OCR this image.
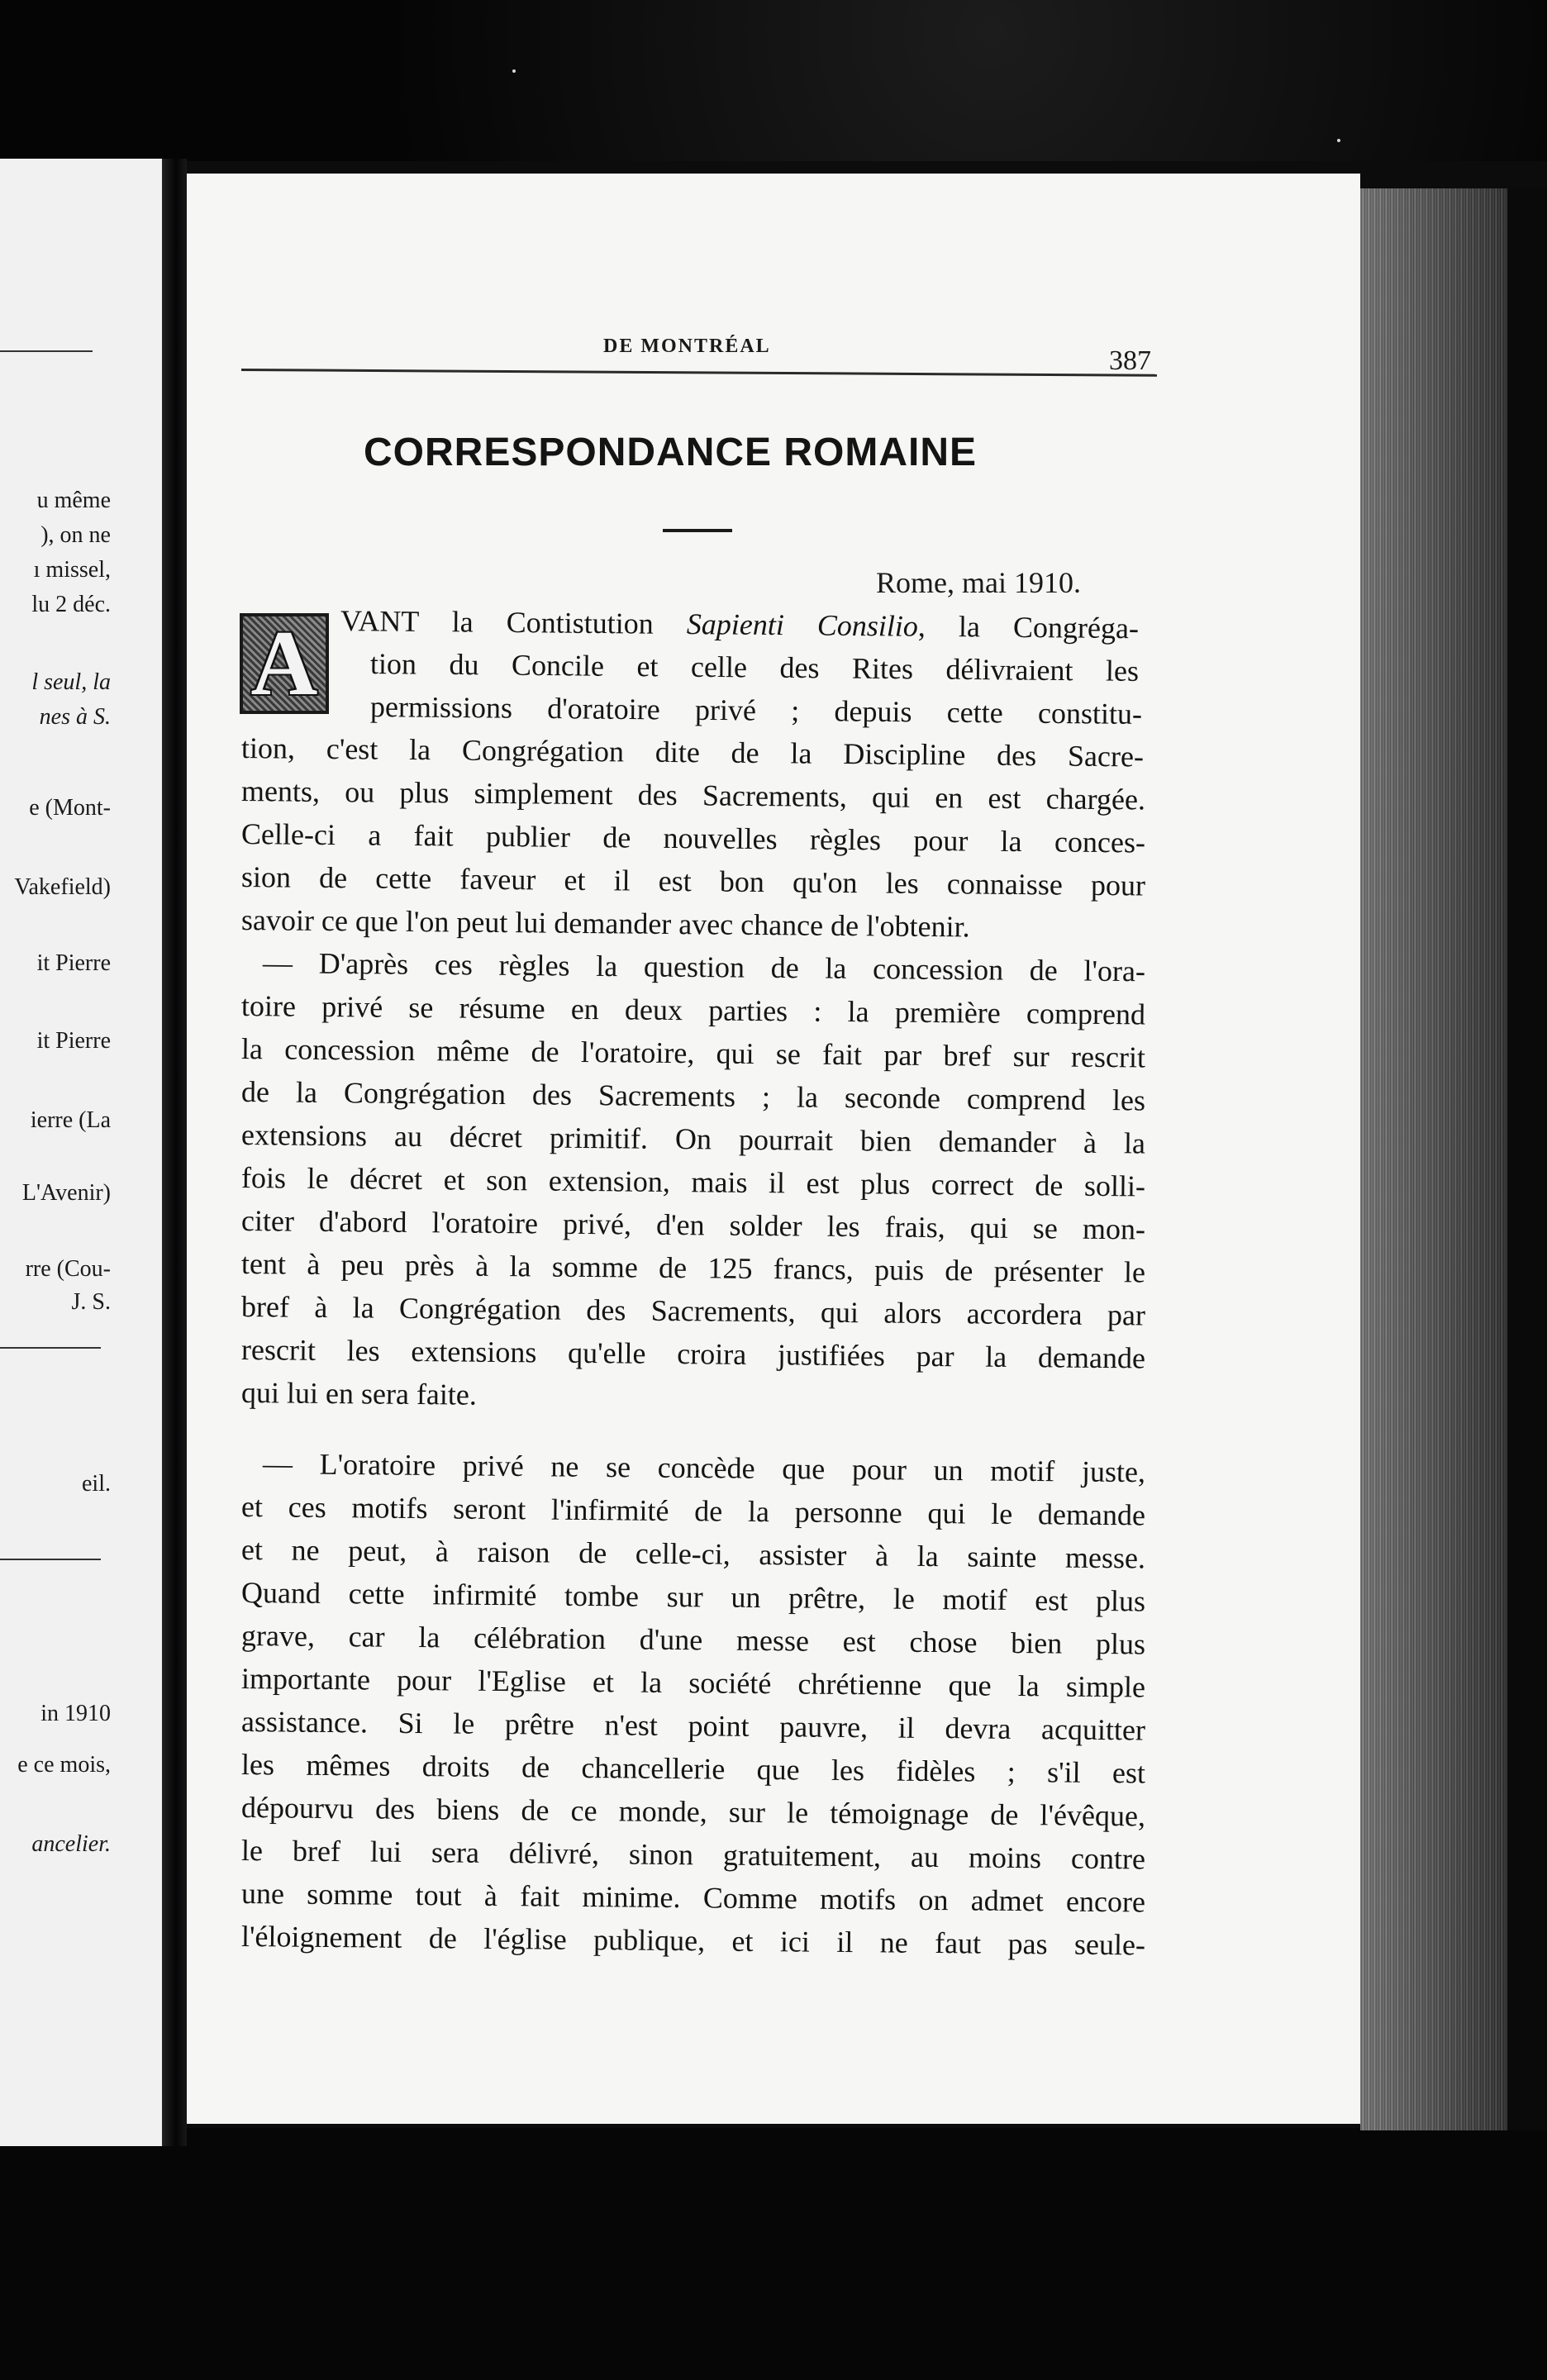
u même
), on ne
ı missel,
lu 2 déc.
l seul, la
nes à S.
e (Mont-
Vakefield)
it Pierre
it Pierre
ierre (La
L'Avenir)
rre (Cou-
J. S.
eil.
in 1910
e ce mois,
ancelier.
DE MONTRÉAL	387
CORRESPONDANCE ROMAINE
Rome, mai 1910.
A VANT la Contistution Sapienti Consilio, la Congréga-
tion du Concile et celle des Rites délivraient les
permissions d'oratoire privé ; depuis cette constitu-
tion, c'est la Congrégation dite de la Discipline des Sacre-
ments, ou plus simplement des Sacrements, qui en est chargée.
Celle-ci a fait publier de nouvelles règles pour la conces-
sion de cette faveur et il est bon qu'on les connaisse pour
savoir ce que l'on peut lui demander avec chance de l'obtenir.
— D'après ces règles la question de la concession de l'ora-
toire privé se résume en deux parties : la première comprend
la concession même de l'oratoire, qui se fait par bref sur rescrit
de la Congrégation des Sacrements ; la seconde comprend les
extensions au décret primitif. On pourrait bien demander à la
fois le décret et son extension, mais il est plus correct de solli-
citer d'abord l'oratoire privé, d'en solder les frais, qui se mon-
tent à peu près à la somme de 125 francs, puis de présenter le
bref à la Congrégation des Sacrements, qui alors accordera par
rescrit les extensions qu'elle croira justifiées par la demande
qui lui en sera faite.
— L'oratoire privé ne se concède que pour un motif juste,
et ces motifs seront l'infirmité de la personne qui le demande
et ne peut, à raison de celle-ci, assister à la sainte messe.
Quand cette infirmité tombe sur un prêtre, le motif est plus
grave, car la célébration d'une messe est chose bien plus
importante pour l'Eglise et la société chrétienne que la simple
assistance. Si le prêtre n'est point pauvre, il devra acquitter
les mêmes droits de chancellerie que les fidèles ; s'il est
dépourvu des biens de ce monde, sur le témoignage de l'évêque,
le bref lui sera délivré, sinon gratuitement, au moins contre
une somme tout à fait minime. Comme motifs on admet encore
l'éloignement de l'église publique, et ici il ne faut pas seule-
